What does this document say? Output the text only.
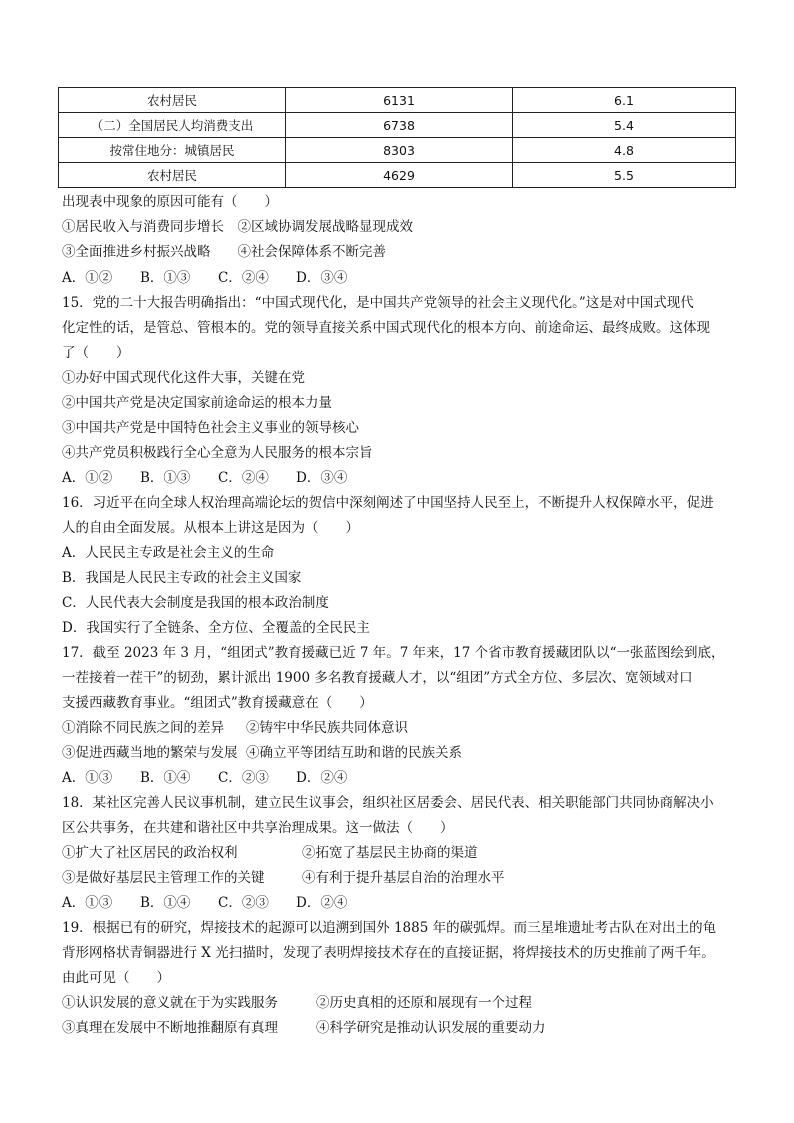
农村居民	6131	6.1
（二）全国居民人均消费支出	6738	5.4
按常住地分：城镇居民	8303	4.8
农村居民	4629	5.5
出现表中现象的原因可能有（　　）
①居民收入与消费同步增长　 ②区域协调发展战略显现成效
③全面推进乡村振兴战略　　 ④社会保障体系不断完善
A．①② B．①③ C．②④ D．③④
15．党的二十大报告明确指出：“中国式现代化，是中国共产党领导的社会主义现代化。”这是对中国式现代
化定性的话，是管总、管根本的。党的领导直接关系中国式现代化的根本方向、前途命运、最终成败。这体现
了（　　）
①办好中国式现代化这件大事，关键在党
②中国共产党是决定国家前途命运的根本力量
③中国共产党是中国特色社会主义事业的领导核心
④共产党员积极践行全心全意为人民服务的根本宗旨
A．①② B．①③ C．②④ D．③④
16．习近平在向全球人权治理高端论坛的贺信中深刻阐述了中国坚持人民至上，不断提升人权保障水平，促进
人的自由全面发展。从根本上讲这是因为（　　）
A．人民民主专政是社会主义的生命
B．我国是人民民主专政的社会主义国家
C．人民代表大会制度是我国的根本政治制度
D．我国实行了全链条、全方位、全覆盖的全民民主
17．截至 2023 年 3 月，“组团式”教育援藏已近 7 年。7 年来，17 个省市教育援藏团队以“一张蓝图绘到底，
一茬接着一茬干”的韧劲，累计派出 1900 多名教育援藏人才，以“组团”方式全方位、多层次、宽领域对口
支援西藏教育事业。“组团式”教育援藏意在（　　）
①消除不同民族之间的差异 ②铸牢中华民族共同体意识
③促进西藏当地的繁荣与发展 ④确立平等团结互助和谐的民族关系
A．①③ B．①④ C．②③ D．②④
18．某社区完善人民议事机制，建立民生议事会，组织社区居委会、居民代表、相关职能部门共同协商解决小
区公共事务，在共建和谐社区中共享治理成果。这一做法（　　）
①扩大了社区居民的政治权利	②拓宽了基层民主协商的渠道
③是做好基层民主管理工作的关键	④有利于提升基层自治的治理水平
A．①③ B．①④ C．②③ D．②④
19．根据已有的研究，焊接技术的起源可以追溯到国外 1885 年的碳弧焊。而三星堆遗址考古队在对出土的龟
背形网格状青铜器进行 X 光扫描时，发现了表明焊接技术存在的直接证据，将焊接技术的历史推前了两千年。
由此可见（　　）
①认识发展的意义就在于为实践服务	②历史真相的还原和展现有一个过程
③真理在发展中不断地推翻原有真理	④科学研究是推动认识发展的重要动力
